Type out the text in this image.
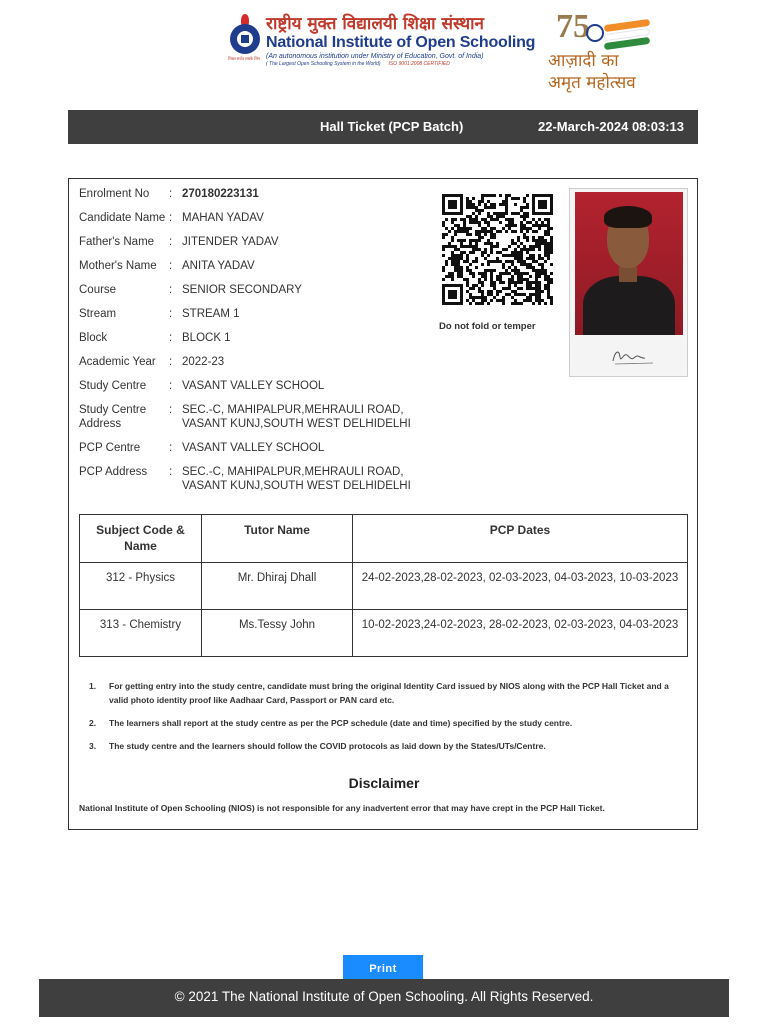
शिक्षा सर्वत्र सबके लिए
राष्ट्रीय मुक्त विद्यालयी शिक्षा संस्थान
National Institute of Open Schooling
(An autonomous institution under Ministry of Education, Govt. of India)
( The Largest Open Schooling System in the World) ISO 9001:2008 CERTIFIED
75
आज़ादी का
अमृत महोत्सव
Hall Ticket (PCP Batch)	22-March-2024 08:03:13
Enrolment No	: 270180223131
Candidate Name : MAHAN YADAV
Father's Name	: JITENDER YADAV
Mother's Name	: ANITA YADAV
Course	: SENIOR SECONDARY
Stream	: STREAM 1
Block	: BLOCK 1
Academic Year	: 2022-23
Study Centre	: VASANT VALLEY SCHOOL
Study Centre Address
: SEC.-C, MAHIPALPUR,MEHRAULI ROAD, VASANT KUNJ,SOUTH WEST DELHIDELHI
PCP Centre	: VASANT VALLEY SCHOOL
PCP Address	: SEC.-C, MAHIPALPUR,MEHRAULI ROAD, VASANT KUNJ,SOUTH WEST DELHIDELHI
Do not fold or temper
Subject Code & Name	Tutor Name	PCP Dates
312 - Physics	Mr. Dhiraj Dhall	24-02-2023,28-02-2023, 02-03-2023, 04-03-2023, 10-03-2023
313 - Chemistry	Ms.Tessy John	10-02-2023,24-02-2023, 28-02-2023, 02-03-2023, 04-03-2023
1.	For getting entry into the study centre, candidate must bring the original Identity Card issued by NIOS along with the PCP Hall Ticket and a valid photo identity proof like Aadhaar Card, Passport or PAN card etc.
2.	The learners shall report at the study centre as per the PCP schedule (date and time) specified by the study centre.
3.	The study centre and the learners should follow the COVID protocols as laid down by the States/UTs/Centre.
Disclaimer
National Institute of Open Schooling (NIOS) is not responsible for any inadvertent error that may have crept in the PCP Hall Ticket.
Print
© 2021 The National Institute of Open Schooling. All Rights Reserved.
